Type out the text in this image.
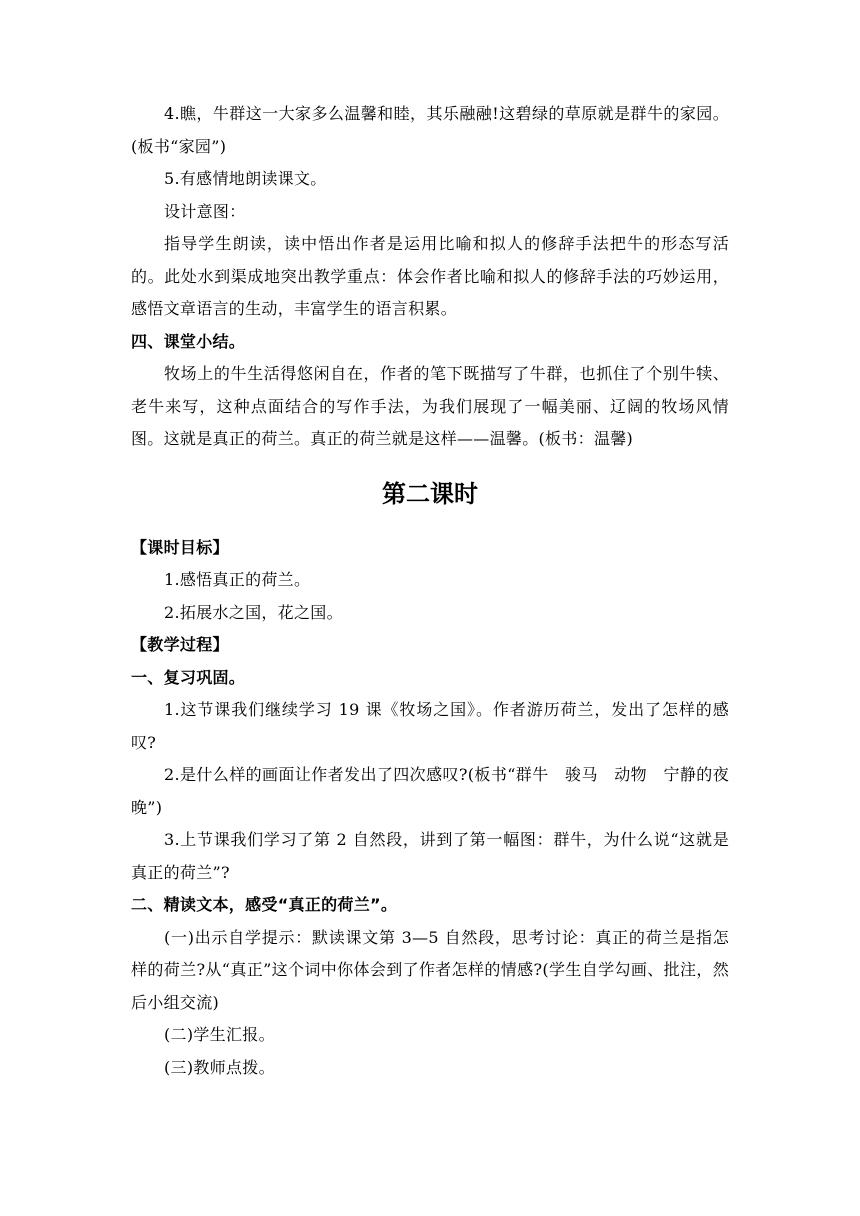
4.瞧，牛群这一大家多么温馨和睦，其乐融融!这碧绿的草原就是群牛的家园。(板书“家园”)

5.有感情地朗读课文。

设计意图：

指导学生朗读，读中悟出作者是运用比喻和拟人的修辞手法把牛的形态写活的。此处水到渠成地突出教学重点：体会作者比喻和拟人的修辞手法的巧妙运用，感悟文章语言的生动，丰富学生的语言积累。

四、课堂小结。

牧场上的牛生活得悠闲自在，作者的笔下既描写了牛群，也抓住了个别牛犊、老牛来写，这种点面结合的写作手法，为我们展现了一幅美丽、辽阔的牧场风情图。这就是真正的荷兰。真正的荷兰就是这样——温馨。(板书：温馨)

第二课时

【课时目标】

1.感悟真正的荷兰。

2.拓展水之国，花之国。

【教学过程】

一、复习巩固。

1.这节课我们继续学习 19 课《牧场之国》。作者游历荷兰，发出了怎样的感叹?

2.是什么样的画面让作者发出了四次感叹?(板书“群牛　骏马　动物　宁静的夜晚”)

3.上节课我们学习了第 2 自然段，讲到了第一幅图：群牛，为什么说“这就是真正的荷兰”?

二、精读文本，感受“真正的荷兰”。

(一)出示自学提示：默读课文第 3—5 自然段，思考讨论：真正的荷兰是指怎样的荷兰?从“真正”这个词中你体会到了作者怎样的情感?(学生自学勾画、批注，然后小组交流)

(二)学生汇报。

(三)教师点拨。
